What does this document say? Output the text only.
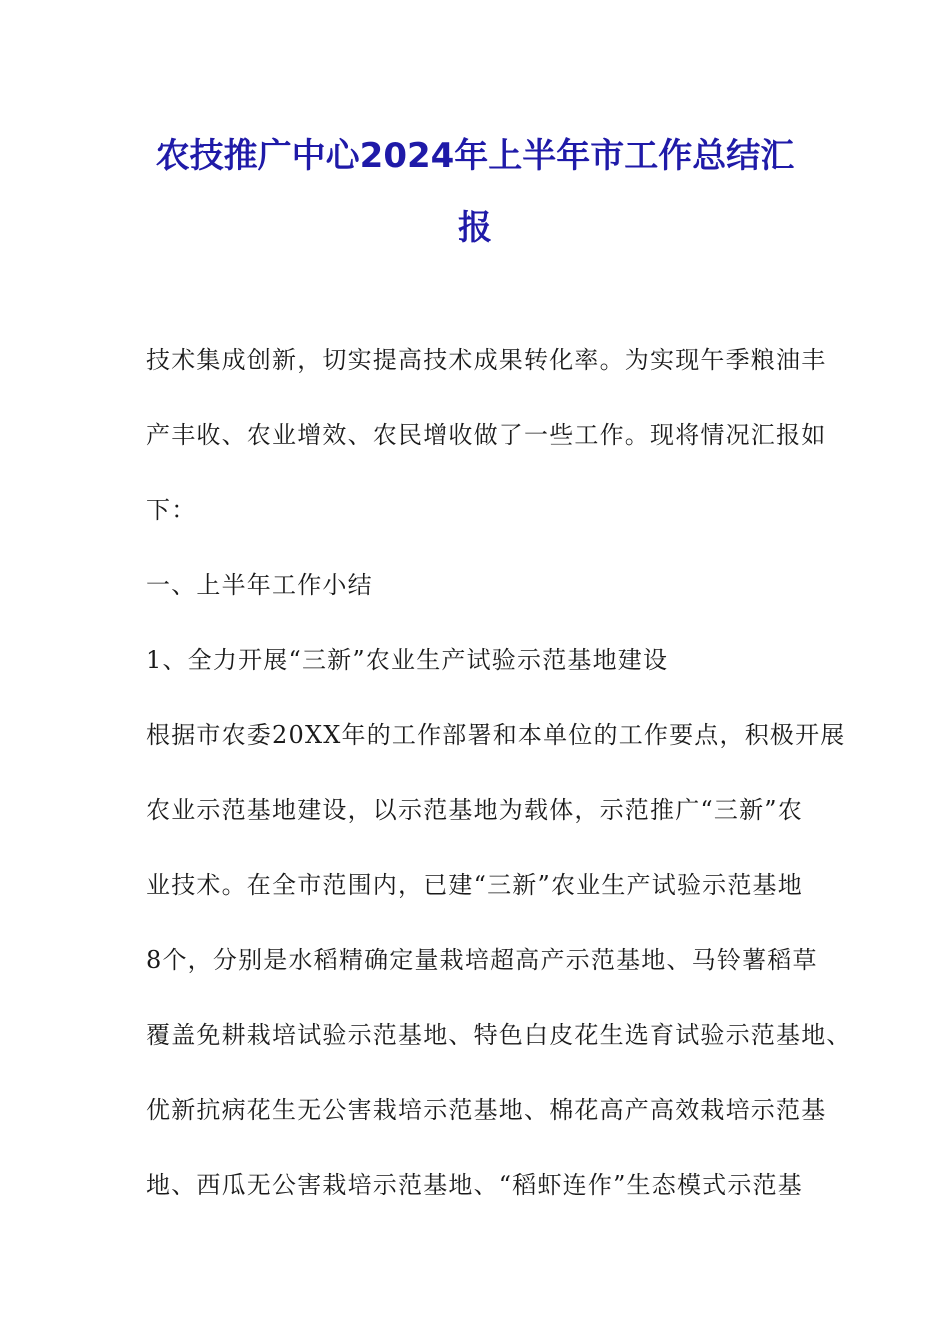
农技推广中心2024年上半年市工作总结汇
报
技术集成创新，切实提高技术成果转化率。为实现午季粮油丰
产丰收、农业增效、农民增收做了一些工作。现将情况汇报如
下：
一、上半年工作小结
1、全力开展“三新”农业生产试验示范基地建设
根据市农委20XX年的工作部署和本单位的工作要点，积极开展
农业示范基地建设，以示范基地为载体，示范推广“三新”农
业技术。在全市范围内，已建“三新”农业生产试验示范基地
8个，分别是水稻精确定量栽培超高产示范基地、马铃薯稻草
覆盖免耕栽培试验示范基地、特色白皮花生选育试验示范基地、
优新抗病花生无公害栽培示范基地、棉花高产高效栽培示范基
地、西瓜无公害栽培示范基地、“稻虾连作”生态模式示范基
